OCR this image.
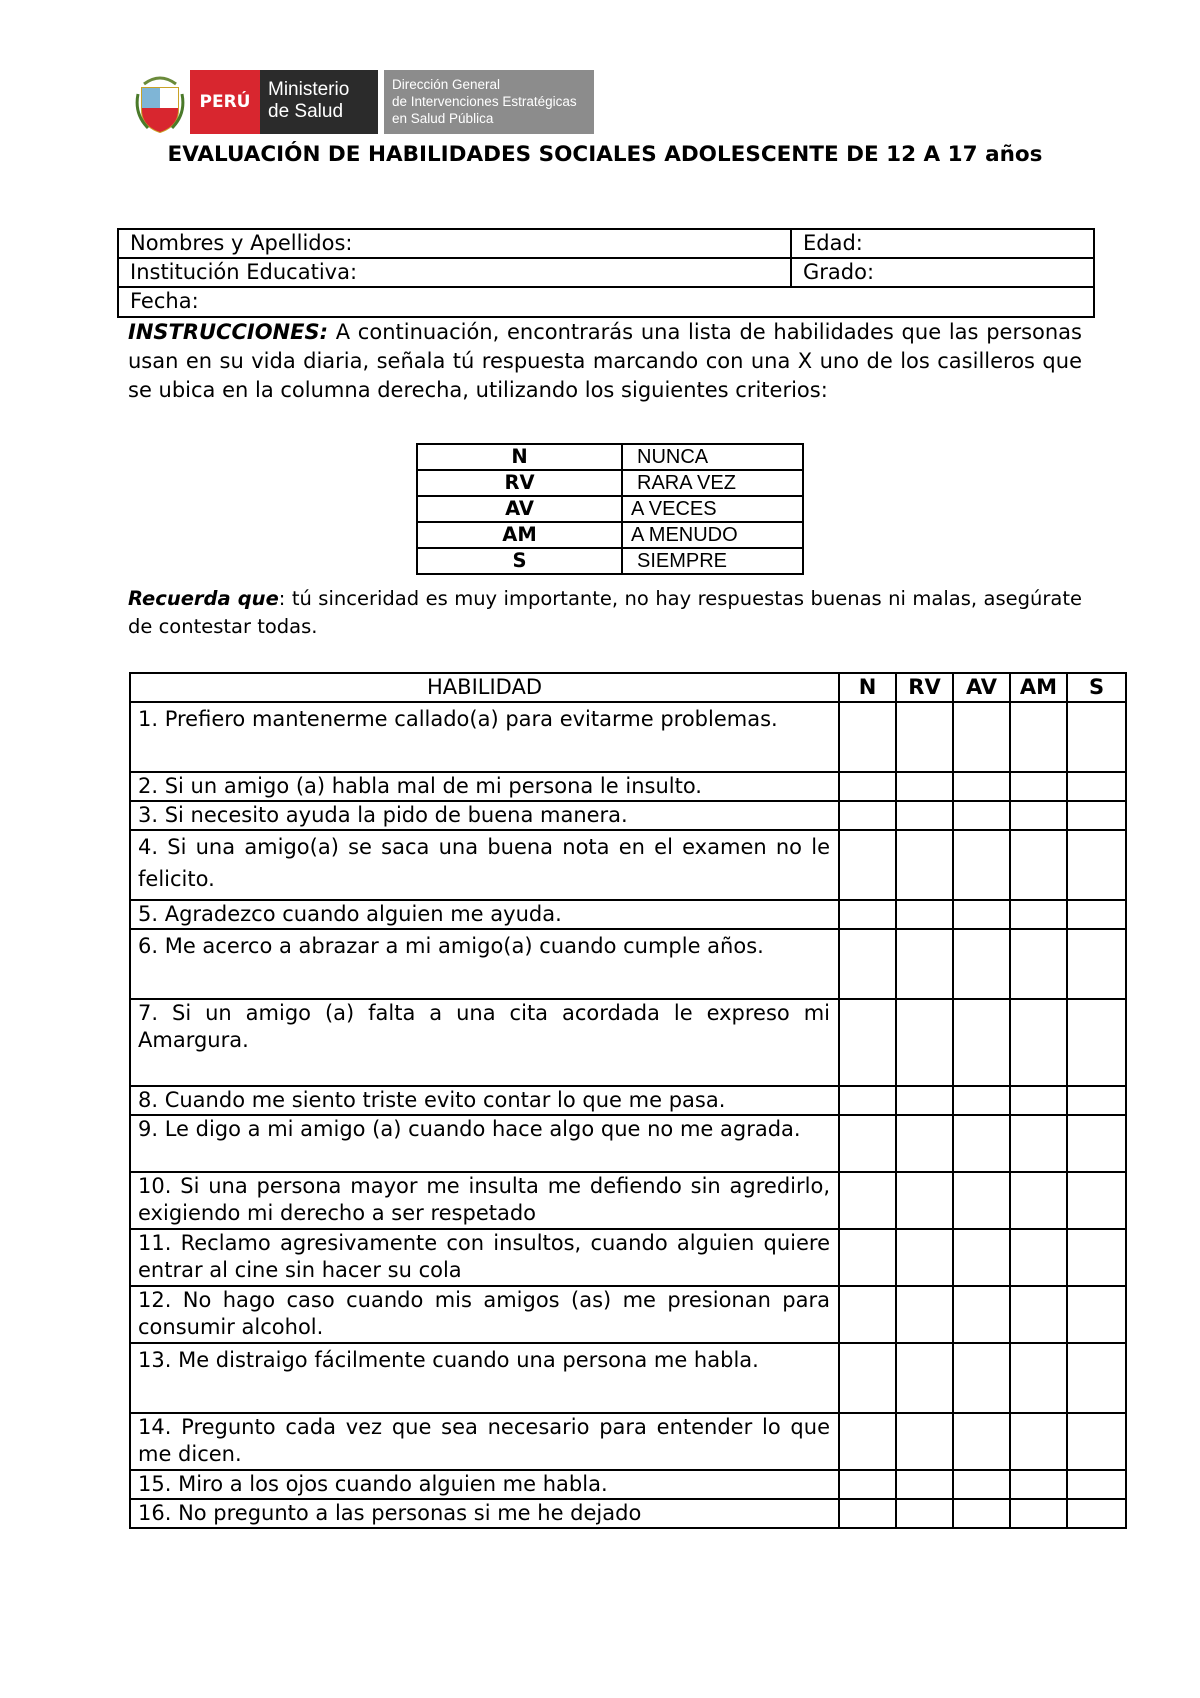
PERÚ
Ministerio
de Salud
Dirección General
de Intervenciones Estratégicas
en Salud Pública
EVALUACIÓN DE HABILIDADES SOCIALES ADOLESCENTE DE 12 A 17 años
Nombres y Apellidos:	Edad:
Institución Educativa:	Grado:
Fecha:
INSTRUCCIONES: A continuación, encontrarás una lista de habilidades que las personas usan en su vida diaria, señala tú respuesta marcando con una X uno de los casilleros que se ubica en la columna derecha, utilizando los siguientes criterios:
N	NUNCA
RV	RARA VEZ
AV	A VECES
AM	A MENUDO
S	SIEMPRE
Recuerda que: tú sinceridad es muy importante, no hay respuestas buenas ni malas, asegúrate de contestar todas.
HABILIDAD	N	RV	AV	AM	S
1. Prefiero mantenerme callado(a) para evitarme problemas.					
2. Si un amigo (a) habla mal de mi persona le insulto.					
3. Si necesito ayuda la pido de buena manera.					
4. Si una amigo(a) se saca una buena nota en el examen no le felicito.					
5. Agradezco cuando alguien me ayuda.					
6. Me acerco a abrazar a mi amigo(a) cuando cumple años.					
7. Si un amigo (a) falta a una cita acordada le expreso mi Amargura.					
8. Cuando me siento triste evito contar lo que me pasa.					
9. Le digo a mi amigo (a) cuando hace algo que no me agrada.					
10. Si una persona mayor me insulta me defiendo sin agredirlo, exigiendo mi derecho a ser respetado					
11. Reclamo agresivamente con insultos, cuando alguien quiere entrar al cine sin hacer su cola					
12. No hago caso cuando mis amigos (as) me presionan para consumir alcohol.					
13. Me distraigo fácilmente cuando una persona me habla.					
14. Pregunto cada vez que sea necesario para entender lo que me dicen.					
15. Miro a los ojos cuando alguien me habla.					
16. No pregunto a las personas si me he dejado					
